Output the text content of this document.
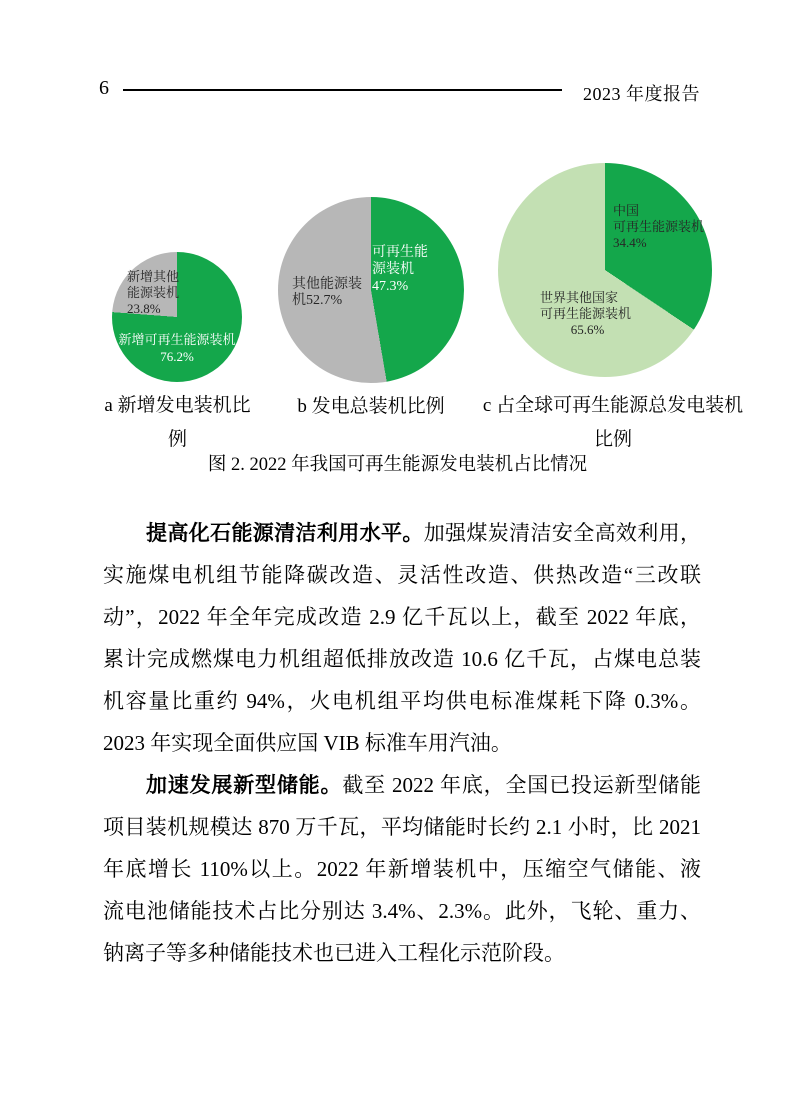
6	2023 年度报告
新增其他
能源装机
23.8%
新增可再生能源装机
76.2%
a 新增发电装机比
例
可再生能
源装机
47.3%
其他能源装
机52.7%
b 发电总装机比例
中国
可再生能源装机
34.4%
世界其他国家
可再生能源装机
65.6%
c 占全球可再生能源总发电装机
比例
图 2. 2022 年我国可再生能源发电装机占比情况
提高化石能源清洁利用水平。加强煤炭清洁安全高效利用，
实施煤电机组节能降碳改造、灵活性改造、供热改造“三改联
动”，2022 年全年完成改造 2.9 亿千瓦以上，截至 2022 年底，
累计完成燃煤电力机组超低排放改造 10.6 亿千瓦，占煤电总装
机容量比重约 94%，火电机组平均供电标准煤耗下降 0.3%。
2023 年实现全面供应国 VIB 标准车用汽油。
加速发展新型储能。截至 2022 年底，全国已投运新型储能
项目装机规模达 870 万千瓦，平均储能时长约 2.1 小时，比 2021
年底增长 110%以上。2022 年新增装机中，压缩空气储能、液
流电池储能技术占比分别达 3.4%、2.3%。此外，飞轮、重力、
钠离子等多种储能技术也已进入工程化示范阶段。
